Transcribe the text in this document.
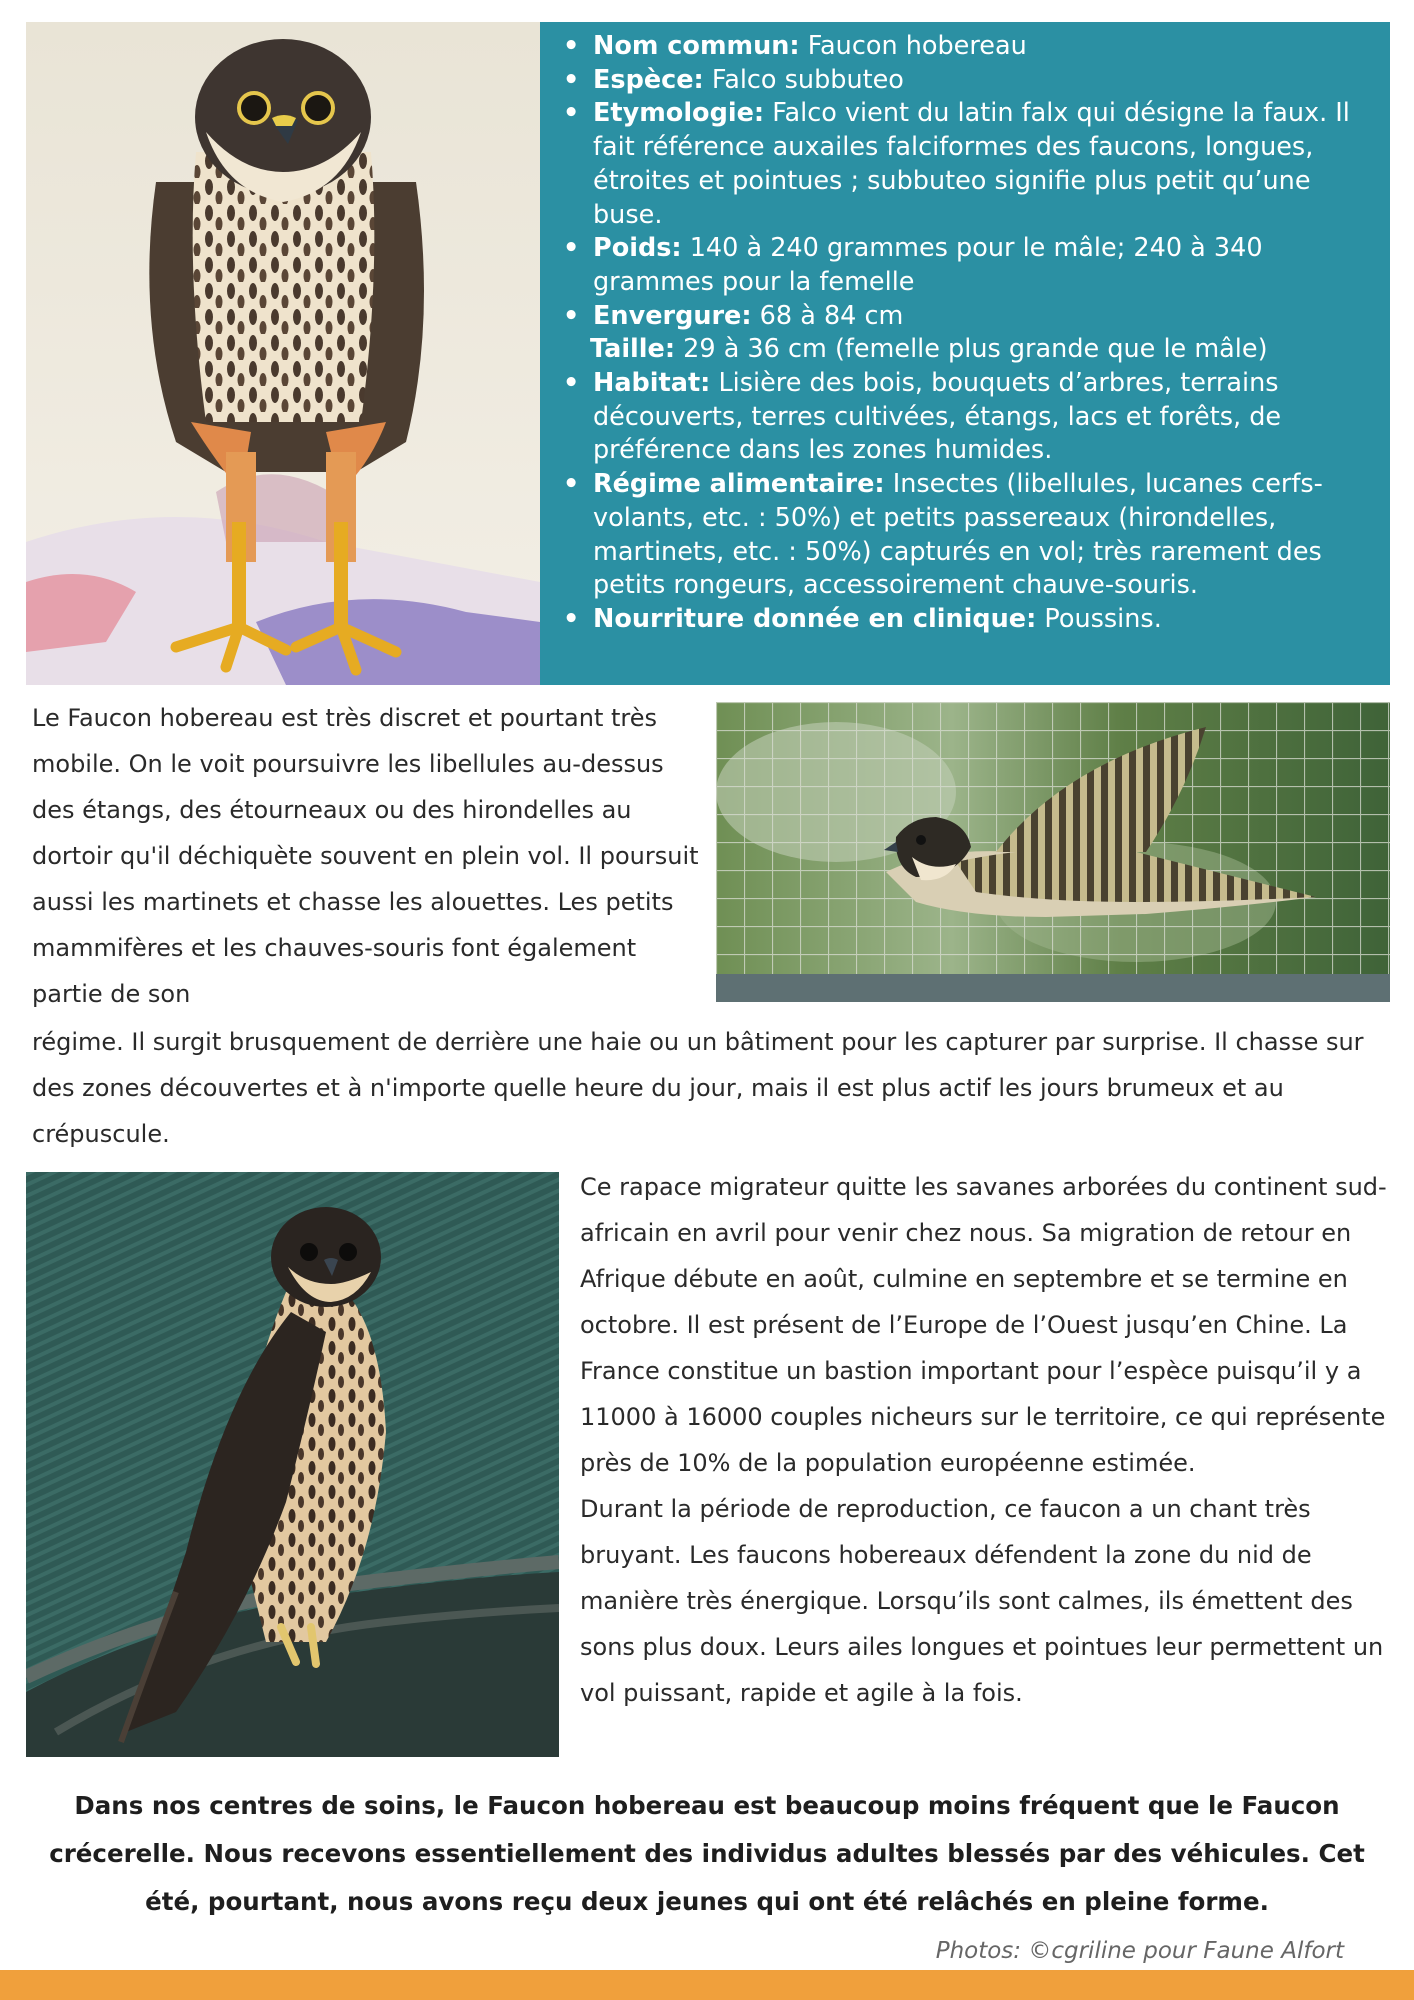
• Nom commun: Faucon hobereau
• Espèce: Falco subbuteo
• Etymologie: Falco vient du latin falx qui désigne la faux. Il fait référence auxailes falciformes des faucons, longues, étroites et pointues ; subbuteo signifie plus petit qu’une buse.
• Poids: 140 à 240 grammes pour le mâle; 240 à 340 grammes pour la femelle
• Envergure: 68 à 84 cm
Taille: 29 à 36 cm (femelle plus grande que le mâle)
• Habitat: Lisière des bois, bouquets d’arbres, terrains découverts, terres cultivées, étangs, lacs et forêts, de préférence dans les zones humides.
• Régime alimentaire: Insectes (libellules, lucanes cerfs-volants, etc. : 50%) et petits passereaux (hirondelles, martinets, etc. : 50%) capturés en vol; très rarement des petits rongeurs, accessoirement chauve-souris.
• Nourriture donnée en clinique: Poussins.
Le Faucon hobereau est très discret et pourtant très mobile. On le voit poursuivre les libellules au-dessus des étangs, des étourneaux ou des hirondelles au dortoir qu'il déchiquète souvent en plein vol. Il poursuit aussi les martinets et chasse les alouettes. Les petits mammifères et les chauves-souris font également partie de son
régime. Il surgit brusquement de derrière une haie ou un bâtiment pour les capturer par surprise. Il chasse sur des zones découvertes et à n'importe quelle heure du jour, mais il est plus actif les jours brumeux et au crépuscule.

Ce rapace migrateur quitte les savanes arborées du continent sud-africain en avril pour venir chez nous. Sa migration de retour en Afrique débute en août, culmine en septembre et se termine en octobre. Il est présent de l’Europe de l’Ouest jusqu’en Chine. La France constitue un bastion important pour l’espèce puisqu’il y a 11000 à 16000 couples nicheurs sur le territoire, ce qui représente près de 10% de la population européenne estimée.

Durant la période de reproduction, ce faucon a un chant très bruyant. Les faucons hobereaux défendent la zone du nid de manière très énergique. Lorsqu’ils sont calmes, ils émettent des sons plus doux. Leurs ailes longues et pointues leur permettent un vol puissant, rapide et agile à la fois.

Dans nos centres de soins, le Faucon hobereau est beaucoup moins fréquent que le Faucon crécerelle. Nous recevons essentiellement des individus adultes blessés par des véhicules. Cet été, pourtant, nous avons reçu deux jeunes qui ont été relâchés en pleine forme.
Photos: ©cgriline pour Faune Alfort
